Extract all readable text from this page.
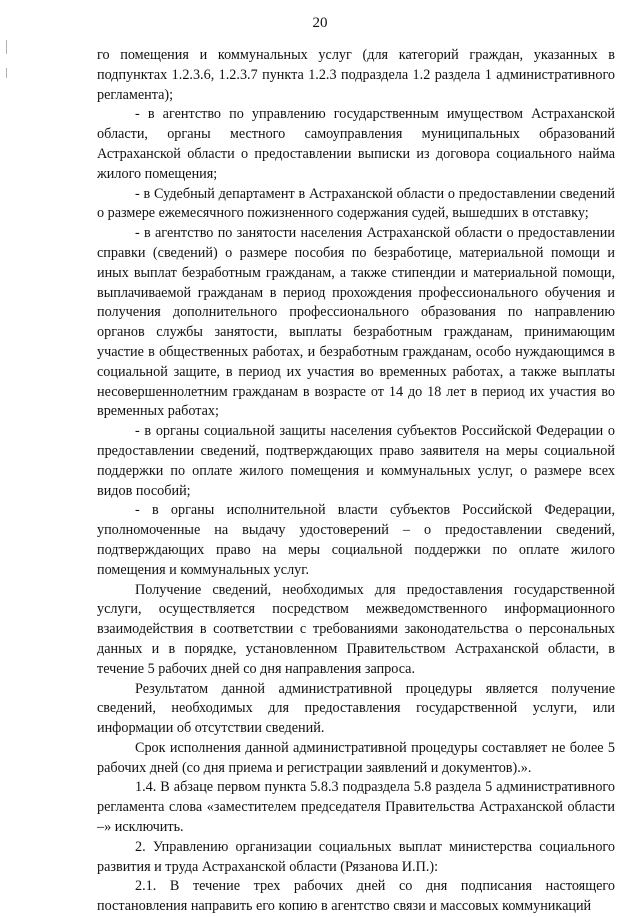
20

го помещения и коммунальных услуг (для категорий граждан, указанных в подпунктах 1.2.3.6, 1.2.3.7 пункта 1.2.3 подраздела 1.2 раздела 1 административного регламента);

- в агентство по управлению государственным имуществом Астраханской области, органы местного самоуправления муниципальных образований Астраханской области о предоставлении выписки из договора социального найма жилого помещения;

- в Судебный департамент в Астраханской области о предоставлении сведений о размере ежемесячного пожизненного содержания судей, вышедших в отставку;

- в агентство по занятости населения Астраханской области о предоставлении справки (сведений) о размере пособия по безработице, материальной помощи и иных выплат безработным гражданам, а также стипендии и материальной помощи, выплачиваемой гражданам в период прохождения профессионального обучения и получения дополнительного профессионального образования по направлению органов службы занятости, выплаты безработным гражданам, принимающим участие в общественных работах, и безработным гражданам, особо нуждающимся в социальной защите, в период их участия во временных работах, а также выплаты несовершеннолетним гражданам в возрасте от 14 до 18 лет в период их участия во временных работах;

- в органы социальной защиты населения субъектов Российской Федерации о предоставлении сведений, подтверждающих право заявителя на меры социальной поддержки по оплате жилого помещения и коммунальных услуг, о размере всех видов пособий;

- в органы исполнительной власти субъектов Российской Федерации, уполномоченные на выдачу удостоверений – о предоставлении сведений, подтверждающих право на меры социальной поддержки по оплате жилого помещения и коммунальных услуг.

Получение сведений, необходимых для предоставления государственной услуги, осуществляется посредством межведомственного информационного взаимодействия в соответствии с требованиями законодательства о персональных данных и в порядке, установленном Правительством Астраханской области, в течение 5 рабочих дней со дня направления запроса.

Результатом данной административной процедуры является получение сведений, необходимых для предоставления государственной услуги, или информации об отсутствии сведений.

Срок исполнения данной административной процедуры составляет не более 5 рабочих дней (со дня приема и регистрации заявлений и документов).».

1.4. В абзаце первом пункта 5.8.3 подраздела 5.8 раздела 5 административного регламента слова «заместителем председателя Правительства Астраханской области –» исключить.

2. Управлению организации социальных выплат министерства социального развития и труда Астраханской области (Рязанова И.П.):

2.1. В течение трех рабочих дней со дня подписания настоящего постановления направить его копию в агентство связи и массовых коммуникаций
